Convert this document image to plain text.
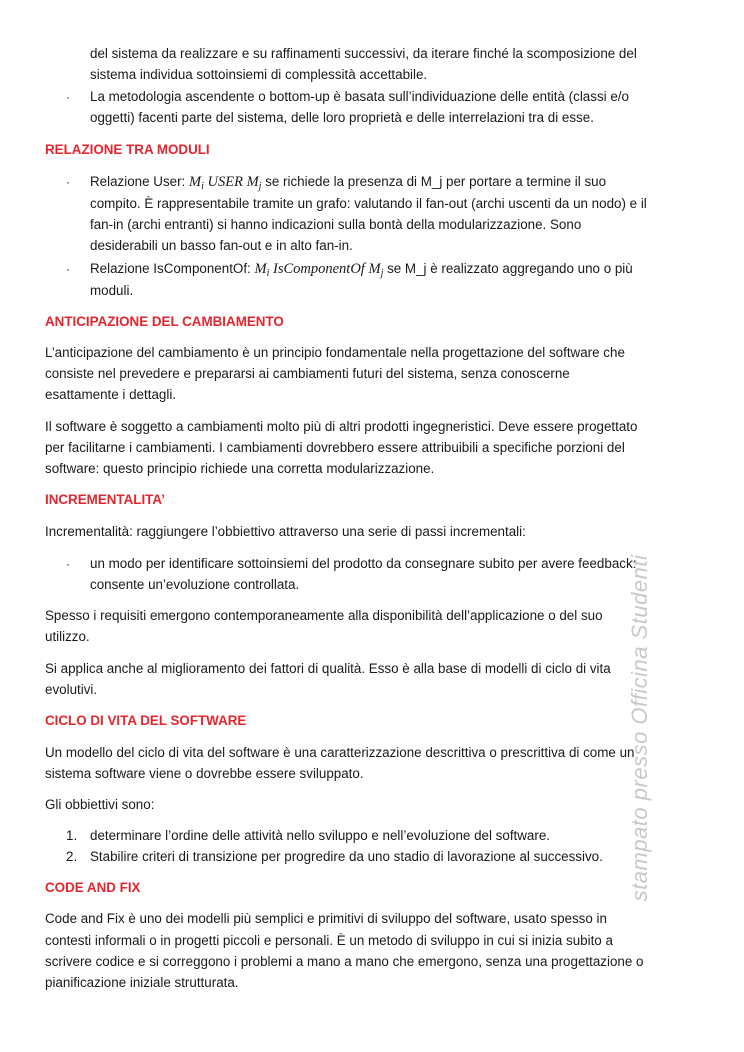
del sistema da realizzare e su raffinamenti successivi, da iterare finché la scomposizione del
sistema individua sottoinsiemi di complessità accettabile.
· La metodologia ascendente o bottom-up è basata sull’individuazione delle entità (classi e/o
oggetti) facenti parte del sistema, delle loro proprietà e delle interrelazioni tra di esse.
RELAZIONE TRA MODULI
· Relazione User: $M_i$ USER $M_j$ se richiede la presenza di M_j per portare a termine il suo
compito. È rappresentabile tramite un grafo: valutando il fan-out (archi uscenti da un nodo) e il
fan-in (archi entranti) si hanno indicazioni sulla bontà della modularizzazione. Sono
desiderabili un basso fan-out e in alto fan-in.
· Relazione IsComponentOf: $M_i$ IsComponentOf $M_j$ se M_j è realizzato aggregando uno o più
moduli.
ANTICIPAZIONE DEL CAMBIAMENTO
L’anticipazione del cambiamento è un principio fondamentale nella progettazione del software che
consiste nel prevedere e prepararsi ai cambiamenti futuri del sistema, senza conoscerne
esattamente i dettagli.
Il software è soggetto a cambiamenti molto più di altri prodotti ingegneristici. Deve essere progettato
per facilitarne i cambiamenti. I cambiamenti dovrebbero essere attribuibili a specifiche porzioni del
software: questo principio richiede una corretta modularizzazione.
INCREMENTALITA’
Incrementalità: raggiungere l’obbiettivo attraverso una serie di passi incrementali:
· un modo per identificare sottoinsiemi del prodotto da consegnare subito per avere feedback:
consente un’evoluzione controllata.
Spesso i requisiti emergono contemporaneamente alla disponibilità dell’applicazione o del suo
utilizzo.
Si applica anche al miglioramento dei fattori di qualità. Esso è alla base di modelli di ciclo di vita
evolutivi.
CICLO DI VITA DEL SOFTWARE
Un modello del ciclo di vita del software è una caratterizzazione descrittiva o prescrittiva di come un
sistema software viene o dovrebbe essere sviluppato.
Gli obbiettivi sono:
1. determinare l’ordine delle attività nello sviluppo e nell’evoluzione del software.
2. Stabilire criteri di transizione per progredire da uno stadio di lavorazione al successivo.
CODE AND FIX
Code and Fix è uno dei modelli più semplici e primitivi di sviluppo del software, usato spesso in
contesti informali o in progetti piccoli e personali. È un metodo di sviluppo in cui si inizia subito a
scrivere codice e si correggono i problemi a mano a mano che emergono, senza una progettazione o
pianificazione iniziale strutturata.
stampato presso Officina Studenti
